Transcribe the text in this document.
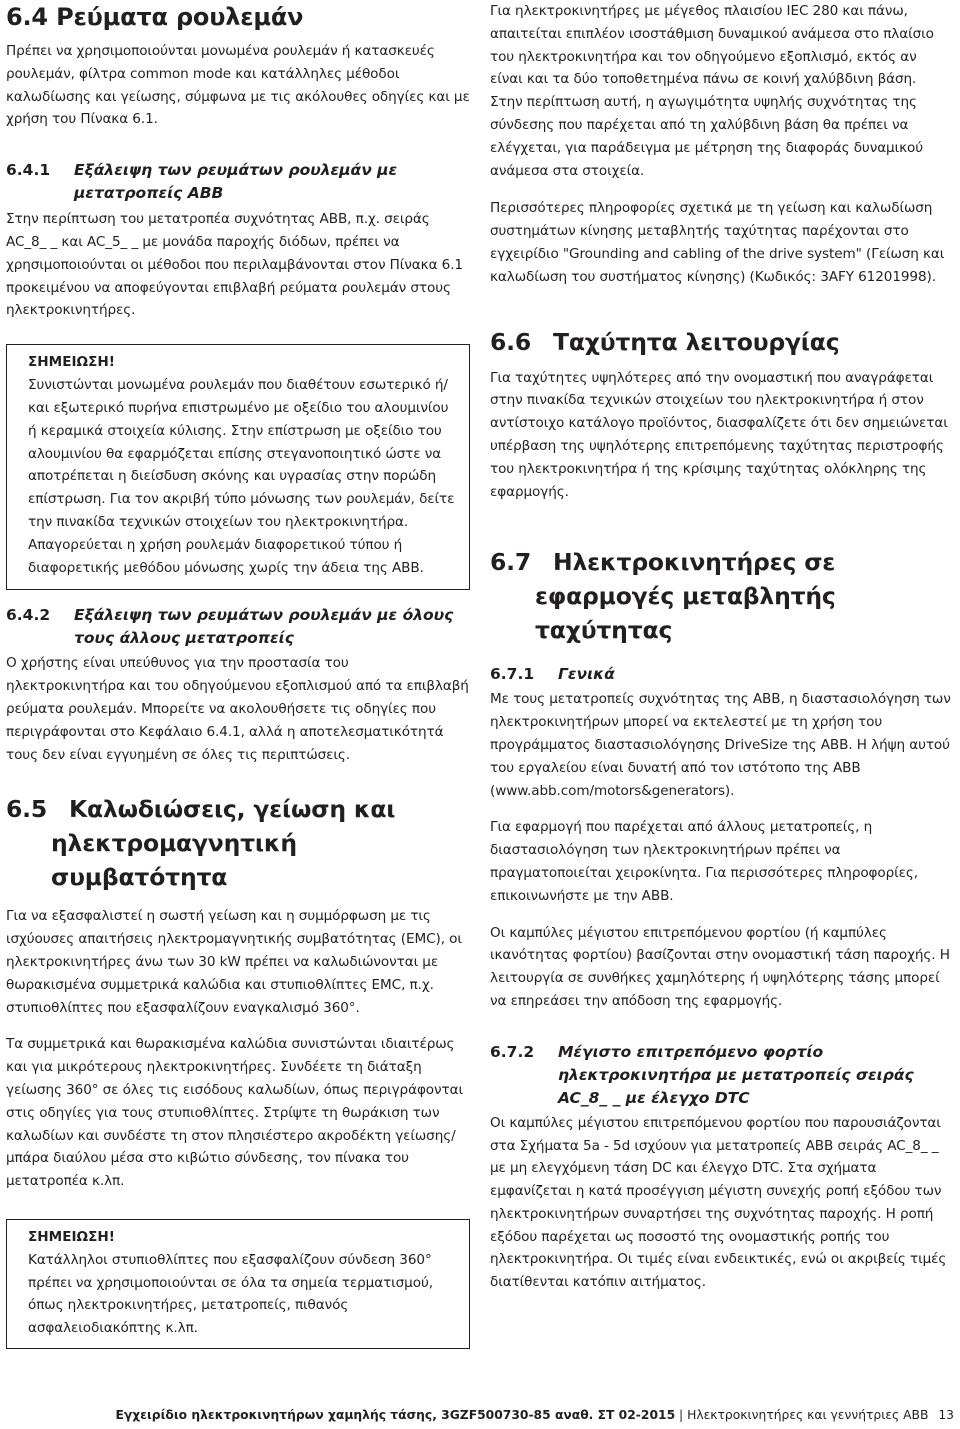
6.4 Ρεύματα ρουλεμάν

Πρέπει να χρησιμοποιούνται μονωμένα ρουλεμάν ή κατασκευές ρουλεμάν, φίλτρα common mode και κατάλληλες μέθοδοι καλωδίωσης και γείωσης, σύμφωνα με τις ακόλουθες οδηγίες και με χρήση του Πίνακα 6.1.

6.4.1	Εξάλειψη των ρευμάτων ρουλεμάν με μετατροπείς ABB

Στην περίπτωση του μετατροπέα συχνότητας ABB, π.χ. σειράς AC_8_ _ και AC_5_ _ με μονάδα παροχής διόδων, πρέπει να χρησιμοποιούνται οι μέθοδοι που περιλαμβάνονται στον Πίνακα 6.1 προκειμένου να αποφεύγονται επιβλαβή ρεύματα ρουλεμάν στους ηλεκτροκινητήρες.

ΣΗΜΕΙΩΣΗ!

Συνιστώνται μονωμένα ρουλεμάν που διαθέτουν εσωτερικό ή/και εξωτερικό πυρήνα επιστρωμένο με οξείδιο του αλουμινίου ή κεραμικά στοιχεία κύλισης. Στην επίστρωση με οξείδιο του αλουμινίου θα εφαρμόζεται επίσης στεγανοποιητικό ώστε να αποτρέπεται η διείσδυση σκόνης και υγρασίας στην πορώδη επίστρωση. Για τον ακριβή τύπο μόνωσης των ρουλεμάν, δείτε την πινακίδα τεχνικών στοιχείων του ηλεκτροκινητήρα. Απαγορεύεται η χρήση ρουλεμάν διαφορετικού τύπου ή διαφορετικής μεθόδου μόνωσης χωρίς την άδεια της ABB.

6.4.2	Εξάλειψη των ρευμάτων ρουλεμάν με όλους τους άλλους μετατροπείς

Ο χρήστης είναι υπεύθυνος για την προστασία του ηλεκτροκινητήρα και του οδηγούμενου εξοπλισμού από τα επιβλαβή ρεύματα ρουλεμάν. Μπορείτε να ακολουθήσετε τις οδηγίες που περιγράφονται στο Κεφάλαιο 6.4.1, αλλά η αποτελεσματικότητά τους δεν είναι εγγυημένη σε όλες τις περιπτώσεις.

6.5 Καλωδιώσεις, γείωση και
ηλεκτρομαγνητική συμβατότητα

Για να εξασφαλιστεί η σωστή γείωση και η συμμόρφωση με τις ισχύουσες απαιτήσεις ηλεκτρομαγνητικής συμβατότητας (EMC), οι ηλεκτροκινητήρες άνω των 30 kW πρέπει να καλωδιώνονται με θωρακισμένα συμμετρικά καλώδια και στυπιοθλίπτες EMC, π.χ. στυπιοθλίπτες που εξασφαλίζουν εναγκαλισμό 360°.

Τα συμμετρικά και θωρακισμένα καλώδια συνιστώνται ιδιαιτέρως και για μικρότερους ηλεκτροκινητήρες. Συνδέετε τη διάταξη γείωσης 360° σε όλες τις εισόδους καλωδίων, όπως περιγράφονται στις οδηγίες για τους στυπιοθλίπτες. Στρίψτε τη θωράκιση των καλωδίων και συνδέστε τη στον πλησιέστερο ακροδέκτη γείωσης/μπάρα διαύλου μέσα στο κιβώτιο σύνδεσης, τον πίνακα του μετατροπέα κ.λπ.

ΣΗΜΕΙΩΣΗ!

Κατάλληλοι στυπιοθλίπτες που εξασφαλίζουν σύνδεση 360° πρέπει να χρησιμοποιούνται σε όλα τα σημεία τερματισμού, όπως ηλεκτροκινητήρες, μετατροπείς, πιθανός ασφαλειοδιακόπτης κ.λπ.

Για ηλεκτροκινητήρες με μέγεθος πλαισίου IEC 280 και πάνω, απαιτείται επιπλέον ισοστάθμιση δυναμικού ανάμεσα στο πλαίσιο του ηλεκτροκινητήρα και τον οδηγούμενο εξοπλισμό, εκτός αν είναι και τα δύο τοποθετημένα πάνω σε κοινή χαλύβδινη βάση. Στην περίπτωση αυτή, η αγωγιμότητα υψηλής συχνότητας της σύνδεσης που παρέχεται από τη χαλύβδινη βάση θα πρέπει να ελέγχεται, για παράδειγμα με μέτρηση της διαφοράς δυναμικού ανάμεσα στα στοιχεία.

Περισσότερες πληροφορίες σχετικά με τη γείωση και καλωδίωση συστημάτων κίνησης μεταβλητής ταχύτητας παρέχονται στο εγχειρίδιο "Grounding and cabling of the drive system" (Γείωση και καλωδίωση του συστήματος κίνησης) (Κωδικός: 3AFY 61201998).

6.6 Ταχύτητα λειτουργίας

Για ταχύτητες υψηλότερες από την ονομαστική που αναγράφεται στην πινακίδα τεχνικών στοιχείων του ηλεκτροκινητήρα ή στον αντίστοιχο κατάλογο προϊόντος, διασφαλίζετε ότι δεν σημειώνεται υπέρβαση της υψηλότερης επιτρεπόμενης ταχύτητας περιστροφής του ηλεκτροκινητήρα ή της κρίσιμης ταχύτητας ολόκληρης της εφαρμογής.

6.7 Ηλεκτροκινητήρες σε
εφαρμογές μεταβλητής
ταχύτητας
6.7.1	Γενικά

Με τους μετατροπείς συχνότητας της ABB, η διαστασιολόγηση των ηλεκτροκινητήρων μπορεί να εκτελεστεί με τη χρήση του προγράμματος διαστασιολόγησης DriveSize της ABB. Η λήψη αυτού του εργαλείου είναι δυνατή από τον ιστότοπο της ABB (www.abb.com/motors&generators).

Για εφαρμογή που παρέχεται από άλλους μετατροπείς, η διαστασιολόγηση των ηλεκτροκινητήρων πρέπει να πραγματοποιείται χειροκίνητα. Για περισσότερες πληροφορίες, επικοινωνήστε με την ABB.

Οι καμπύλες μέγιστου επιτρεπόμενου φορτίου (ή καμπύλες ικανότητας φορτίου) βασίζονται στην ονομαστική τάση παροχής. Η λειτουργία σε συνθήκες χαμηλότερης ή υψηλότερης τάσης μπορεί να επηρεάσει την απόδοση της εφαρμογής.

6.7.2	Μέγιστο επιτρεπόμενο φορτίο ηλεκτροκινητήρα με μετατροπείς σειράς AC_8_ _ με έλεγχο DTC

Οι καμπύλες μέγιστου επιτρεπόμενου φορτίου που παρουσιάζονται στα Σχήματα 5a - 5d ισχύουν για μετατροπείς ABB σειράς AC_8_ _ με μη ελεγχόμενη τάση DC και έλεγχο DTC. Στα σχήματα εμφανίζεται η κατά προσέγγιση μέγιστη συνεχής ροπή εξόδου των ηλεκτροκινητήρων συναρτήσει της συχνότητας παροχής. Η ροπή εξόδου παρέχεται ως ποσοστό της ονομαστικής ροπής του ηλεκτροκινητήρα. Οι τιμές είναι ενδεικτικές, ενώ οι ακριβείς τιμές διατίθενται κατόπιν αιτήματος.

Εγχειρίδιο ηλεκτροκινητήρων χαμηλής τάσης, 3GZF500730-85 αναθ. ΣΤ 02-2015 | Ηλεκτροκινητήρες και γεννήτριες ABB 13
